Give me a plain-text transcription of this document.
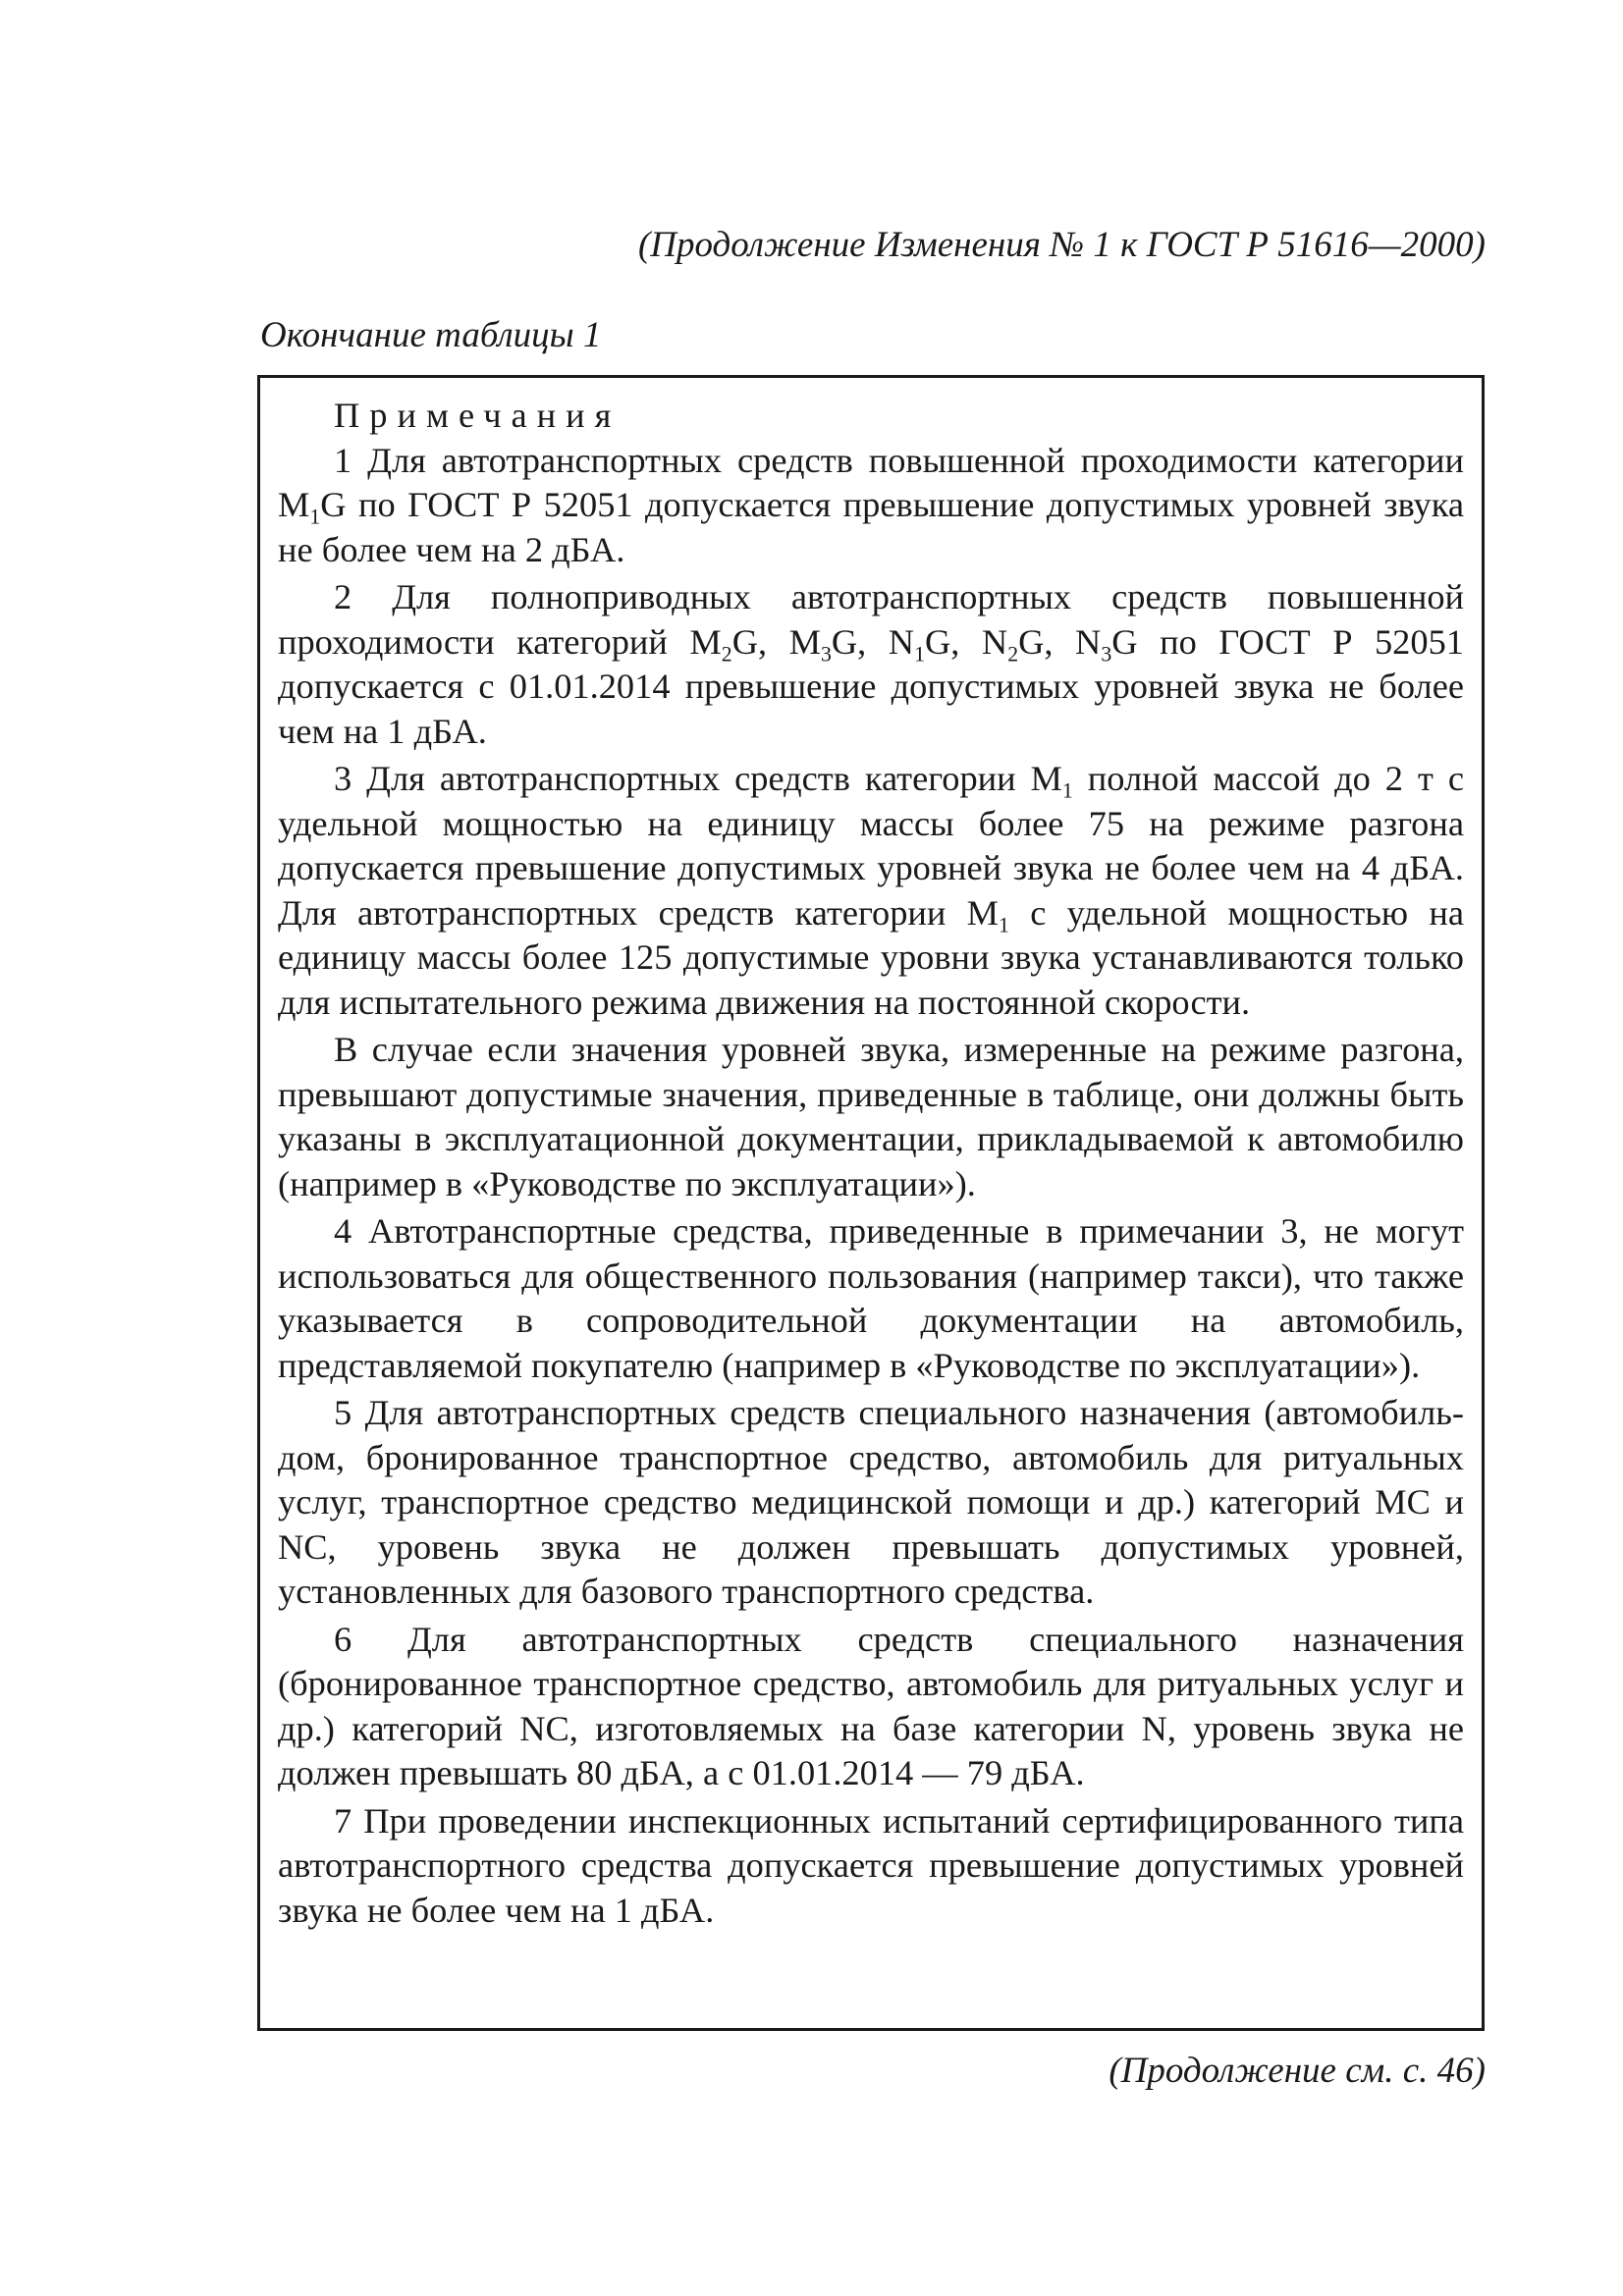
(Продолжение Изменения № 1 к ГОСТ Р 51616—2000)
Окончание таблицы 1

Примечания

1 Для автотранспортных средств повышенной проходимости категории $M_1G$ по ГОСТ Р 52051 допускается превышение допустимых уровней звука не более чем на 2 дБА.

2 Для полноприводных автотранспортных средств повышенной проходимости категорий $M_2G$, $M_3G$, $N_1G$, $N_2G$, $N_3G$ по ГОСТ Р 52051 допускается с 01.01.2014 превышение допустимых уровней звука не более чем на 1 дБА.

3 Для автотранспортных средств категории $M_1$ полной массой до 2 т с удельной мощностью на единицу массы более 75 на режиме разгона допускается превышение допустимых уровней звука не более чем на 4 дБА. Для автотранспортных средств категории $M_1$ с удельной мощностью на единицу массы более 125 допустимые уровни звука устанавливаются только для испытательного режима движения на постоянной скорости.

В случае если значения уровней звука, измеренные на режиме разгона, превышают допустимые значения, приведенные в таблице, они должны быть указаны в эксплуатационной документации, прикладываемой к автомобилю (например в «Руководстве по эксплуатации»).

4 Автотранспортные средства, приведенные в примечании 3, не могут использоваться для общественного пользования (например такси), что также указывается в сопроводительной документации на автомобиль, представляемой покупателю (например в «Руководстве по эксплуатации»).

5 Для автотранспортных средств специального назначения (автомобиль-дом, бронированное транспортное средство, автомобиль для ритуальных услуг, транспортное средство медицинской помощи и др.) категорий МС и NC, уровень звука не должен превышать допустимых уровней, установленных для базового транспортного средства.

6 Для автотранспортных средств специального назначения (бронированное транспортное средство, автомобиль для ритуальных услуг и др.) категорий NC, изготовляемых на базе категории N, уровень звука не должен превышать 80 дБА, а с 01.01.2014 — 79 дБА.

7 При проведении инспекционных испытаний сертифицированного типа автотранспортного средства допускается превышение допустимых уровней звука не более чем на 1 дБА.

(Продолжение см. с. 46)
